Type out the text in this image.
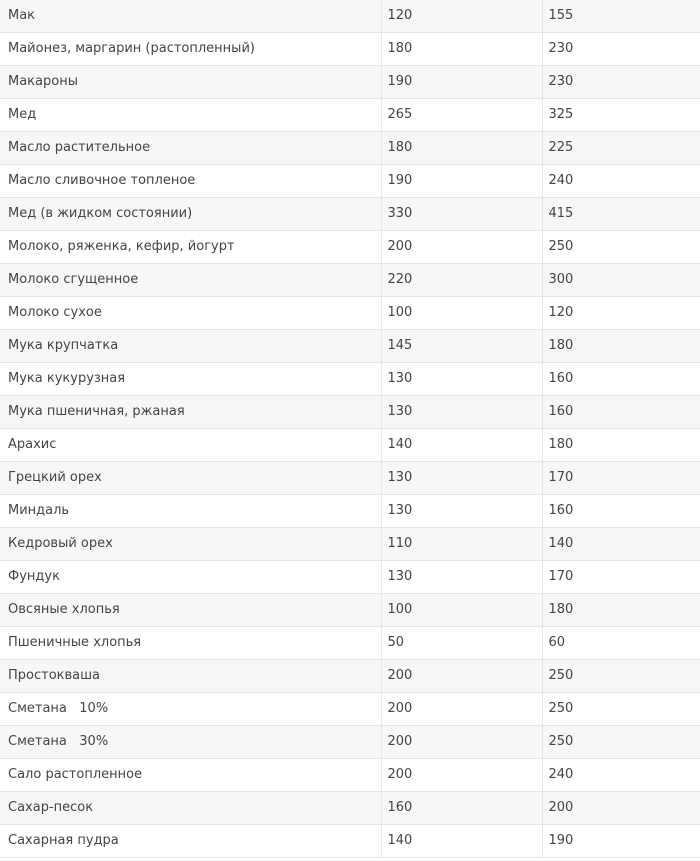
Мак	120	155
Майонез, маргарин (растопленный)	180	230
Макароны	190	230
Мед	265	325
Масло растительное	180	225
Масло сливочное топленое	190	240
Мед (в жидком состоянии)	330	415
Молоко, ряженка, кефир, йогурт	200	250
Молоко сгущенное	220	300
Молоко сухое	100	120
Мука крупчатка	145	180
Мука кукурузная	130	160
Мука пшеничная, ржаная	130	160
Арахис	140	180
Грецкий орех	130	170
Миндаль	130	160
Кедровый орех	110	140
Фундук	130	170
Овсяные хлопья	100	180
Пшеничные хлопья	50	60
Простокваша	200	250
Сметана   10%	200	250
Сметана   30%	200	250
Сало растопленное	200	240
Сахар-песок	160	200
Сахарная пудра	140	190
